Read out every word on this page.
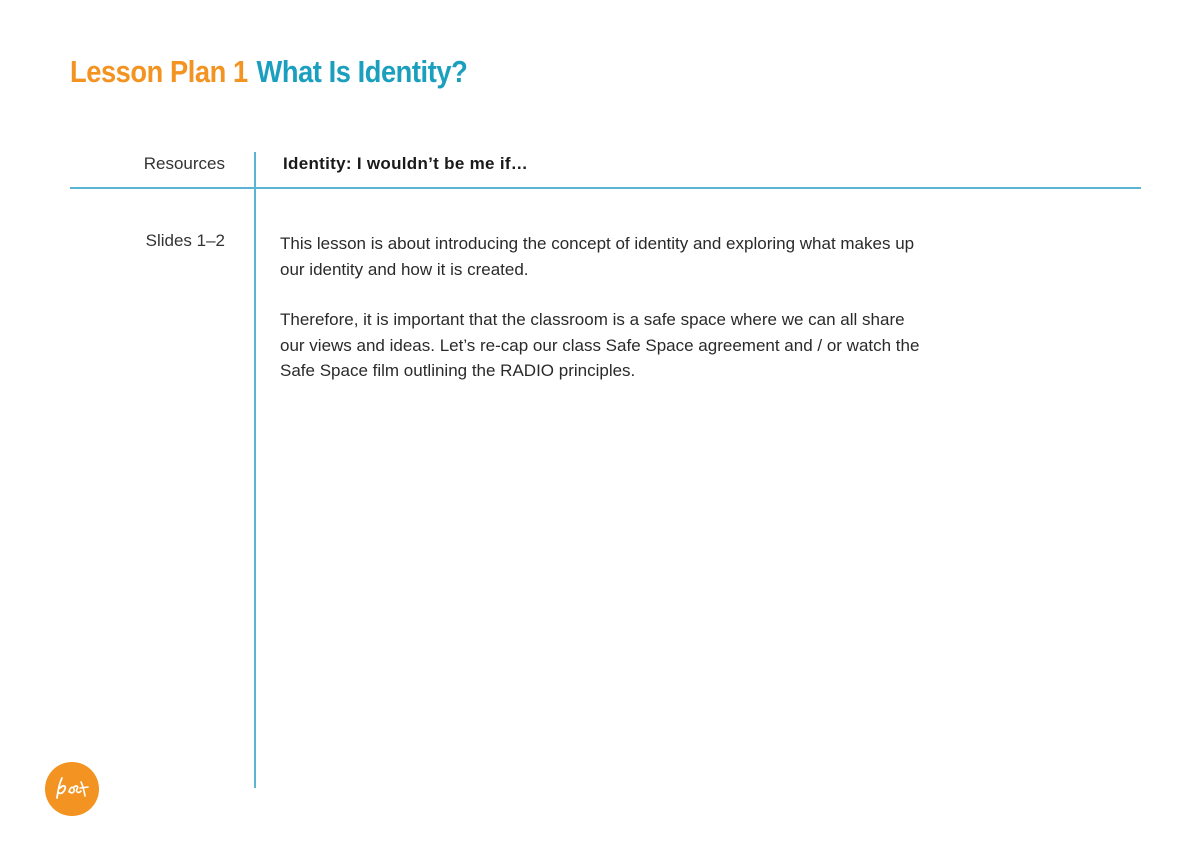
Lesson Plan 1 What Is Identity?
Resources	Identity: I wouldn’t be me if…
Slides 1–2	This lesson is about introducing the concept of identity and exploring what makes up our identity and how it is created.

Therefore, it is important that the classroom is a safe space where we can all share our views and ideas. Let’s re-cap our class Safe Space agreement and / or watch the Safe Space film outlining the RADIO principles.
